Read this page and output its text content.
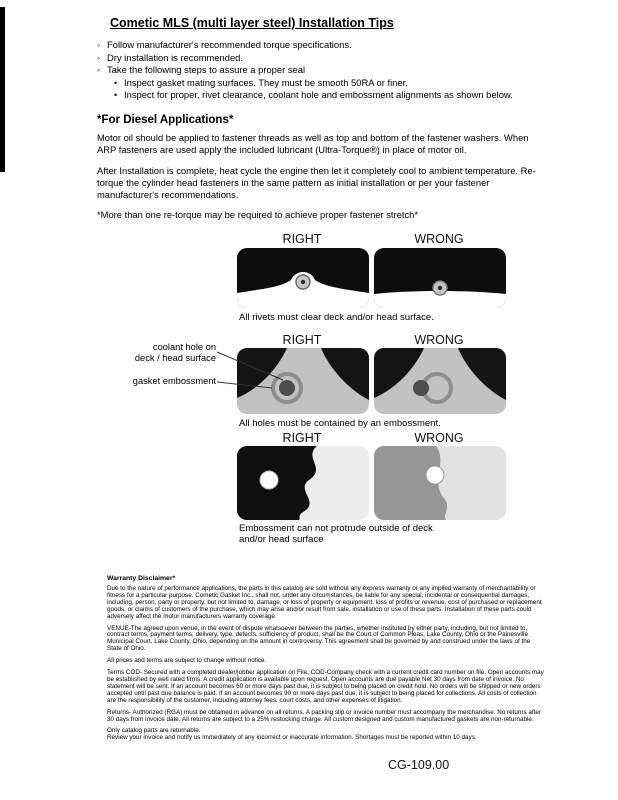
Cometic MLS (multi layer steel) Installation Tips
◦
Follow manufacturer's recommended torque specifications.
◦
Dry installation is recommended.
◦
Take the following steps to assure a proper seal
•
Inspect gasket mating surfaces. They must be smooth 50RA or finer.
•
Inspect for proper, rivet clearance, coolant hole and embossment alignments as shown below.
*For Diesel Applications*

Motor oil should be applied to fastener threads as well as top and bottom of the fastener washers. When ARP fasteners are used apply the included lubricant (Ultra-Torque®) in place of motor oil.

After Installation is complete, heat cycle the engine then let it completely cool to ambient temperature. Re-torque the cylinder head fasteners in the same pattern as initial installation or per your fastener manufacturer's recommendations.

*More than one re-torque may be required to achieve proper fastener stretch*

RIGHT	WRONG
All rivets must clear deck and/or head surface.
RIGHT	WRONG
coolant hole on
deck / head surface
gasket embossment
All holes must be contained by an embossment.
RIGHT	WRONG
Embossment can not protrude outside of deck and/or head surface
Warranty Disclaimer*

Due to the nature of performance applications, the parts in this catalog are sold without any express warranty or any implied warranty of merchantability or fitness for a particular purpose. Cometic Gasket Inc., shall not, under any circumstances, be liable for any special, incidental or consequential damages, including, person, party or property, but not limited to, damage, or loss of property or equipment, loss of profits or revenue, cost of purchased or replacement goods, or claims of customers of the purchase, which may arise and/or result from sale, installation or use of these parts. Installation of these parts could adversely affect the motor manufacturers warranty coverage.

VENUE-The agreed upon venue, in the event of dispute whatsoever between the parties, whether instituted by either party, including, but not limited to, contract terms, payment terms, delivery, type, defects, sufficiency of product, shall be the Court of Common Pleas, Lake County, Ohio or the Painesville Municipal Court, Lake County, Ohio, depending on the amount in controversy. This agreement shall be governed by and construed under the laws of the State of Ohio.

All prices and terms are subject to change without notice.

Terms COD- Secured with a completed dealer/jobber application on File, COD-Company check with a current credit card number on file. Open accounts may be established by well rated firms. A credit application is available upon request. Open accounts are due payable Net 30 days from date of invoice. No statement will be sent. If an account becomes 60 or more days past due, it is subject to being placed on credit hold. No orders will be shipped or new orders accepted until past due balance is paid. If an account becomes 90 or more days past due, it is subject to being placed for collections. All costs of collection are the responsibility of the customer, including attorney fees, court costs, and other expenses of litigation.

Returns- Authorized (RGA) must be obtained in advance on all returns. A packing slip or invoice number must accompany the merchandise. No returns after 30 days from invoice date. All returns are subject to a 25% restocking charge. All custom designed and custom manufactured gaskets are non-returnable.

Only catalog parts are returnable.

Review your invoice and notify us immediately of any incorrect or inaccurate information. Shortages must be reported within 10 days.

CG-109.00
